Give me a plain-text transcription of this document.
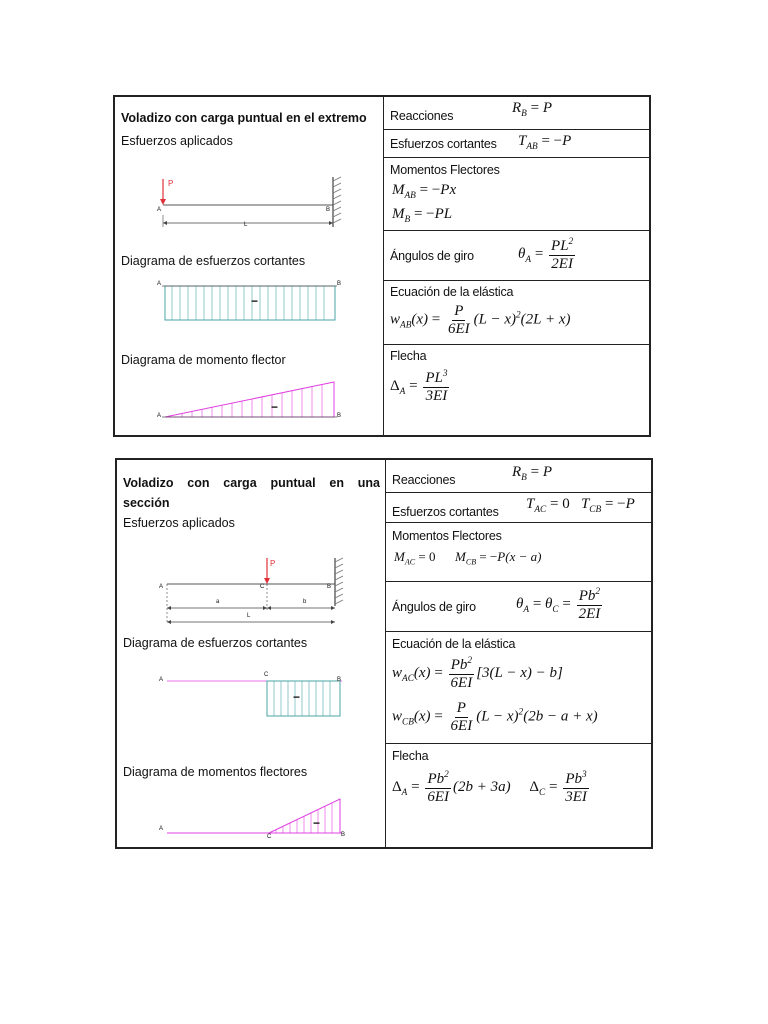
Voladizo con carga puntual en el extremo
Esfuerzos aplicados
P
A	B
L
Diagrama de esfuerzos cortantes
A	B
−
Diagrama de momento flector
A	B
−
Reacciones	$R_B = P$
Esfuerzos cortantes $T_{AB} = -P$
Momentos Flectores
$M_{AB} = -Px$
$M_B = -PL$
Ángulos de giro	$\theta_A = \frac{PL^2}{2EI}$
Ecuación de la elástica
$w_{AB}(x) = \frac{P}{6EI} (L - x)^2(2L + x)$
Flecha
$\Delta_A = \frac{PL^3}{3EI}$
Voladizo con carga puntual en una
sección
Esfuerzos aplicados
P
A	C	B
a	b
L
Diagrama de esfuerzos cortantes
A
C
B
−
Diagrama de momentos flectores
A
C	B
−
Reacciones	$R_B = P$
Esfuerzos cortantes $T_{AC} = 0$   $T_{CB} = -P$
Momentos Flectores
$M_{AC} = 0$      $M_{CB} = -P(x - a)$
Ángulos de giro	$\theta_A = \theta_C = \frac{Pb^2}{2EI}$
Ecuación de la elástica
$w_{AC}(x) = \frac{Pb^2}{6EI} [3(L - x) - b]$
$w_{CB}(x) = \frac{P}{6EI} (L - x)^2(2b - a + x)$
Flecha
$\Delta_A = \frac{Pb^2}{6EI} (2b + 3a)$     $\Delta_C = \frac{Pb^3}{3EI}$
